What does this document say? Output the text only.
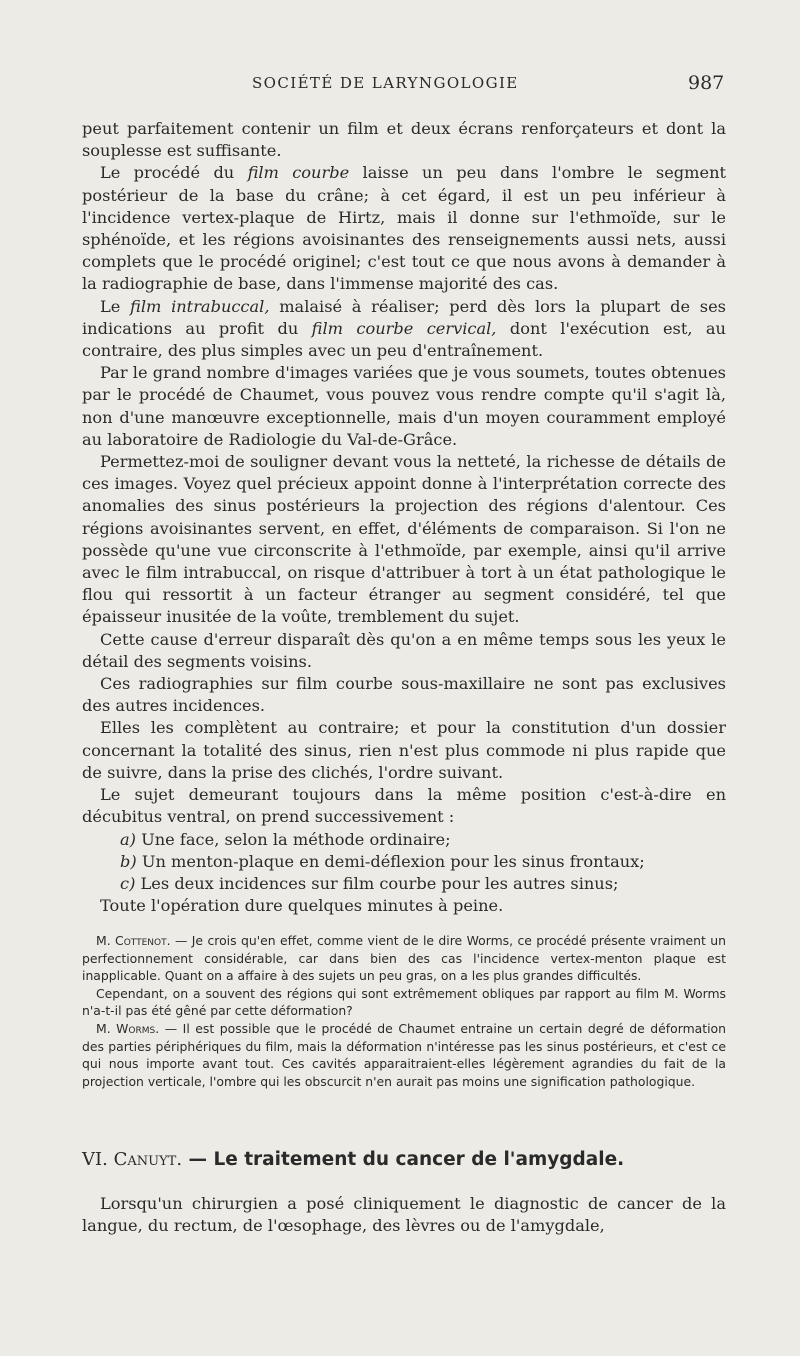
SOCIÉTÉ DE LARYNGOLOGIE	987

peut parfaitement contenir un film et deux écrans renforçateurs et dont la souplesse est suffisante.

Le procédé du film courbe laisse un peu dans l'ombre le segment postérieur de la base du crâne; à cet égard, il est un peu inférieur à l'incidence vertex-plaque de Hirtz, mais il donne sur l'ethmoïde, sur le sphénoïde, et les régions avoisinantes des renseignements aussi nets, aussi complets que le procédé originel; c'est tout ce que nous avons à demander à la radiographie de base, dans l'immense majorité des cas.

Le film intrabuccal, malaisé à réaliser; perd dès lors la plupart de ses indications au profit du film courbe cervical, dont l'exécution est, au contraire, des plus simples avec un peu d'entraînement.

Par le grand nombre d'images variées que je vous soumets, toutes obtenues par le procédé de Chaumet, vous pouvez vous rendre compte qu'il s'agit là, non d'une manœuvre exceptionnelle, mais d'un moyen couramment employé au laboratoire de Radiologie du Val-de-Grâce.

Permettez-moi de souligner devant vous la netteté, la richesse de détails de ces images. Voyez quel précieux appoint donne à l'interprétation correcte des anomalies des sinus postérieurs la projection des régions d'alentour. Ces régions avoisinantes servent, en effet, d'éléments de comparaison. Si l'on ne possède qu'une vue circonscrite à l'ethmoïde, par exemple, ainsi qu'il arrive avec le film intrabuccal, on risque d'attribuer à tort à un état pathologique le flou qui ressortit à un facteur étranger au segment considéré, tel que épaisseur inusitée de la voûte, tremblement du sujet.

Cette cause d'erreur disparaît dès qu'on a en même temps sous les yeux le détail des segments voisins.

Ces radiographies sur film courbe sous-maxillaire ne sont pas exclusives des autres incidences.

Elles les complètent au contraire; et pour la constitution d'un dossier concernant la totalité des sinus, rien n'est plus commode ni plus rapide que de suivre, dans la prise des clichés, l'ordre suivant.

Le sujet demeurant toujours dans la même position c'est-à-dire en décubitus ventral, on prend successivement :

a) Une face, selon la méthode ordinaire;
b) Un menton-plaque en demi-déflexion pour les sinus frontaux;
c) Les deux incidences sur film courbe pour les autres sinus;

Toute l'opération dure quelques minutes à peine.

M. Cottenot. — Je crois qu'en effet, comme vient de le dire Worms, ce procédé présente vraiment un perfectionnement considérable, car dans bien des cas l'incidence vertex-menton plaque est inapplicable. Quant on a affaire à des sujets un peu gras, on a les plus grandes difficultés.

Cependant, on a souvent des régions qui sont extrêmement obliques par rapport au film M. Worms n'a-t-il pas été gêné par cette déformation?

M. Worms. — Il est possible que le procédé de Chaumet entraine un certain degré de déformation des parties périphériques du film, mais la déformation n'intéresse pas les sinus postérieurs, et c'est ce qui nous importe avant tout. Ces cavités apparaitraient-elles légèrement agrandies du fait de la projection verticale, l'ombre qui les obscurcit n'en aurait pas moins une signification pathologique.

VI. Canuyt. — Le traitement du cancer de l'amygdale.

Lorsqu'un chirurgien a posé cliniquement le diagnostic de cancer de la langue, du rectum, de l'œsophage, des lèvres ou de l'amygdale,
